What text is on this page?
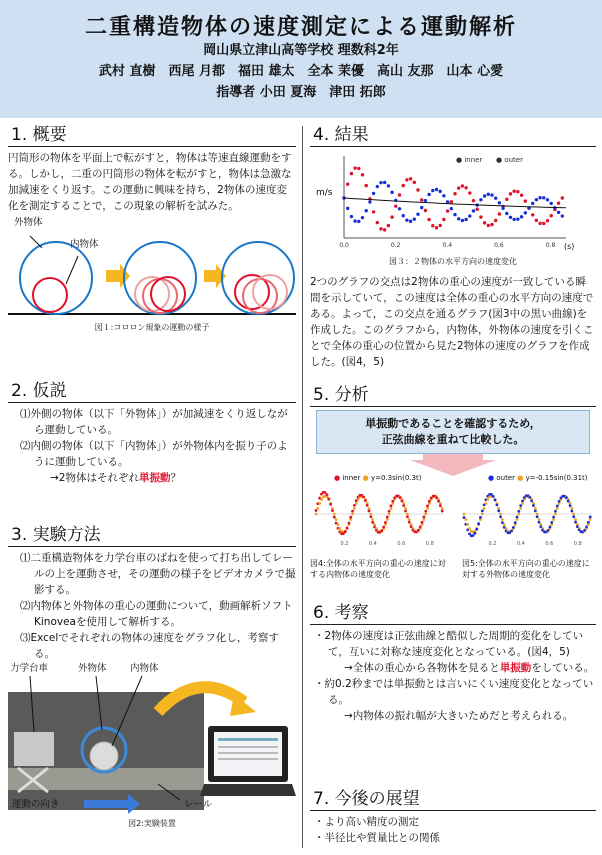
二重構造物体の速度測定による運動解析
岡山県立津山高等学校 理数科2年
武村 直樹　西尾 月都　福田 雄太　全本 茉優　高山 友那　山本 心愛
指導者 小田 夏海　津田 拓郎
1. 概要

円筒形の物体を平面上で転がすと，物体は等速直線運動をする。しかし，二重の円筒形の物体を転がすと，物体は急激な加減速をくり返す。この運動に興味を持ち，2物体の速度変化を測定することで，この現象の解析を試みた。

外物体
内物体
図１:コロロン現象の運動の様子
2. 仮説
⑴外側の物体（以下「外物体」）が加減速をくり返しながら運動している。
⑵内側の物体（以下「内物体」）が外物体内を振り子のように運動している。
→2物体はそれぞれ単振動？
3. 実験方法
⑴二重構造物体を力学台車のばねを使って打ち出してレールの上を運動させ，その運動の様子をビデオカメラで撮影する。
⑵内物体と外物体の重心の運動について，動画解析ソフトKinoveaを使用して解析する。
⑶Excelでそれぞれの物体の速度をグラフ化し，考察する。
力学台車	外物体 内物体
レール
運動の向き
図2:実験装置
4. 結果
0.0	0.2	0.4	0.6	0.8
● inner ● outer
m/s
(s)
図３：２物体の水平方向の速度変化

2つのグラフの交点は2物体の重心の速度が一致している瞬間を示していて，この速度は全体の重心の水平方向の速度である。よって，この交点を通るグラフ(図3中の黒い曲線)を作成した。このグラフから，内物体，外物体の速度を引くことで全体の重心の位置から見た2物体の速度のグラフを作成した。(図4，5)

5. 分析
単振動であることを確認するため，
正弦曲線を重ねて比較した。
0.2	0.4	0.6	0.8	0.2	0.4	0.6	0.8
● inner ● y=0.3sin(0.3t)	● outer ● y=-0.15sin(0.31t)
図4:全体の水平方向の重心の速度に対する内物体の速度変化
図5:全体の水平方向の重心の速度に対する外物体の速度変化
6. 考察
・2物体の速度は正弦曲線と酷似した周期的変化をしていて，互いに対称な速度変化となっている。(図4，5)
→全体の重心から各物体を見ると単振動をしている。
・約0.2秒までは単振動とは言いにくい速度変化となっている。
→内物体の振れ幅が大きいためだと考えられる。
7. 今後の展望
・より高い精度の測定
・半径比や質量比との関係
